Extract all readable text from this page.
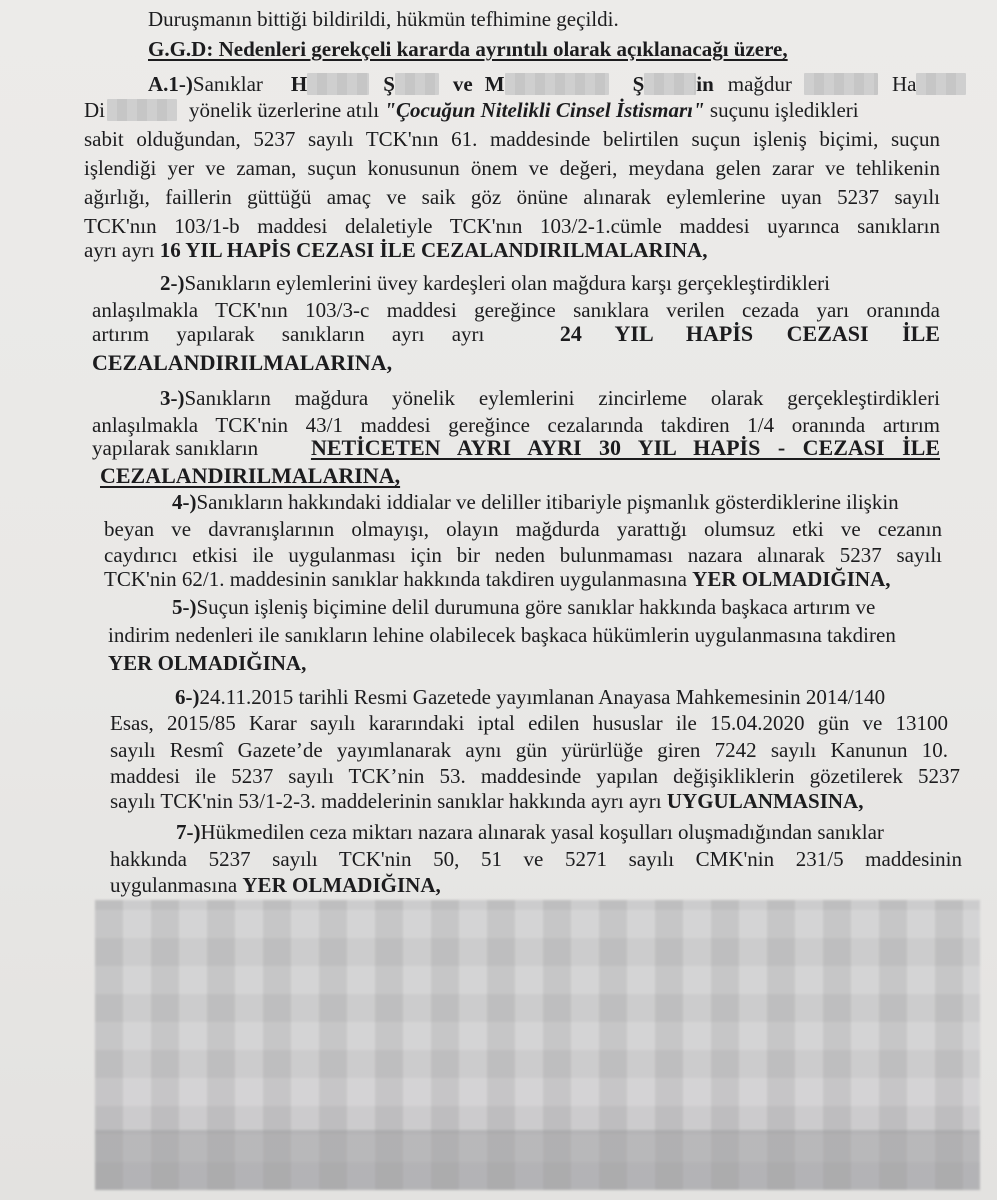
Duruşmanın bittiği bildirildi, hükmün tefhimine geçildi.
G.G.D: Nedenleri gerekçeli kararda ayrıntılı olarak açıklanacağı üzere,
A.1-)Sanıklar H	Ş	ve M	Ş in mağdur	Ha
Di	yönelik üzerlerine atılı "Çocuğun Nitelikli Cinsel İstismarı" suçunu işledikleri
sabit olduğundan, 5237 sayılı TCK'nın 61. maddesinde belirtilen suçun işleniş biçimi, suçun
işlendiği yer ve zaman, suçun konusunun önem ve değeri, meydana gelen zarar ve tehlikenin
ağırlığı, faillerin güttüğü amaç ve saik göz önüne alınarak eylemlerine uyan 5237 sayılı
TCK'nın 103/1-b maddesi delaletiyle TCK'nın 103/2-1.cümle maddesi uyarınca sanıkların
ayrı ayrı 16 YIL HAPİS CEZASI İLE CEZALANDIRILMALARINA,
2-)Sanıkların eylemlerini üvey kardeşleri olan mağdura karşı gerçekleştirdikleri
anlaşılmakla TCK'nın 103/3-c maddesi gereğince sanıklara verilen cezada yarı oranında
artırım yapılarak sanıkların ayrı ayrı	24 YIL HAPİS CEZASI İLE
CEZALANDIRILMALARINA,
3-)Sanıkların mağdura yönelik eylemlerini zincirleme olarak gerçekleştirdikleri
anlaşılmakla TCK'nin 43/1 maddesi gereğince cezalarında takdiren 1/4 oranında artırım
yapılarak sanıkların NETİCETEN AYRI AYRI 30 YIL HAPİS - CEZASI İLE
CEZALANDIRILMALARINA,
4-)Sanıkların hakkındaki iddialar ve deliller itibariyle pişmanlık gösterdiklerine ilişkin
beyan ve davranışlarının olmayışı, olayın mağdurda yarattığı olumsuz etki ve cezanın
caydırıcı etkisi ile uygulanması için bir neden bulunmaması nazara alınarak 5237 sayılı
TCK'nin 62/1. maddesinin sanıklar hakkında takdiren uygulanmasına YER OLMADIĞINA,
5-)Suçun işleniş biçimine delil durumuna göre sanıklar hakkında başkaca artırım ve
indirim nedenleri ile sanıkların lehine olabilecek başkaca hükümlerin uygulanmasına takdiren
YER OLMADIĞINA,
6-)24.11.2015 tarihli Resmi Gazetede yayımlanan Anayasa Mahkemesinin 2014/140
Esas, 2015/85 Karar sayılı kararındaki iptal edilen hususlar ile 15.04.2020 gün ve 13100
sayılı Resmî Gazete’de yayımlanarak aynı gün yürürlüğe giren 7242 sayılı Kanunun 10.
maddesi ile 5237 sayılı TCK’nin 53. maddesinde yapılan değişikliklerin gözetilerek 5237
sayılı TCK'nin 53/1-2-3. maddelerinin sanıklar hakkında ayrı ayrı UYGULANMASINA,
7-)Hükmedilen ceza miktarı nazara alınarak yasal koşulları oluşmadığından sanıklar
hakkında 5237 sayılı TCK'nin 50, 51 ve 5271 sayılı CMK'nin 231/5 maddesinin
uygulanmasına YER OLMADIĞINA,
